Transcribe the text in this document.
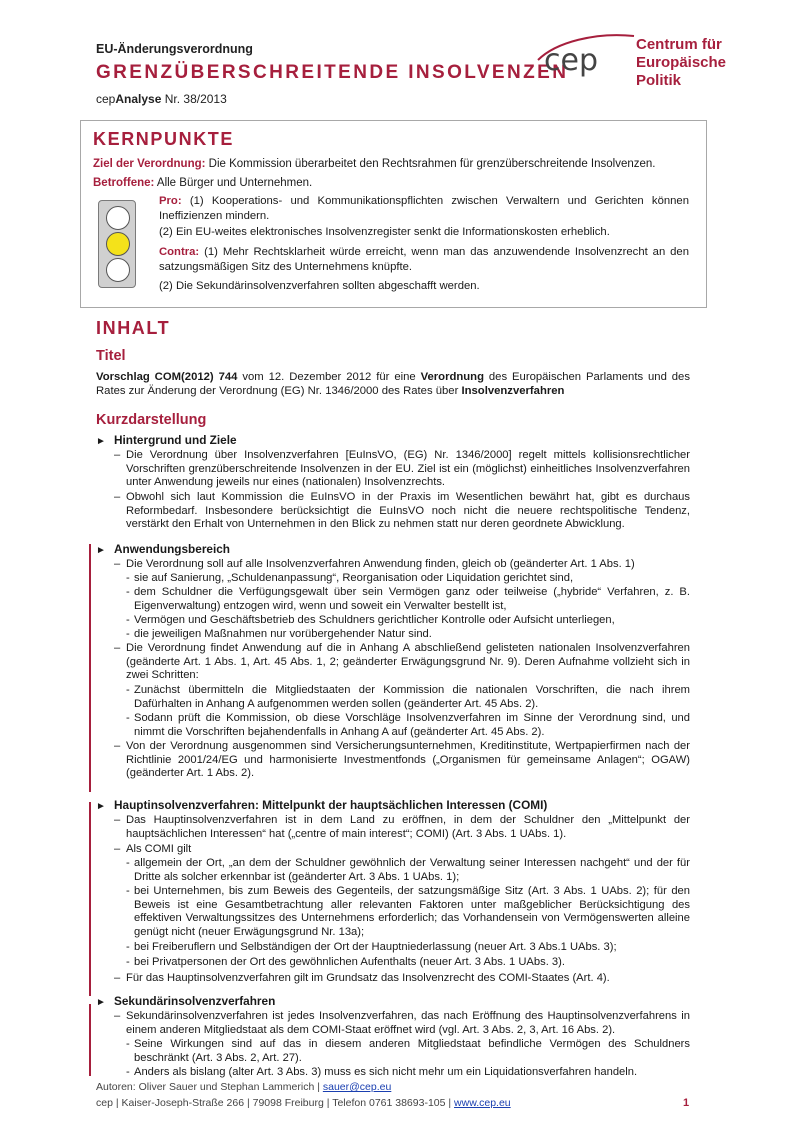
EU-Änderungsverordnung
GRENZÜBERSCHREITENDE INSOLVENZEN
cepAnalyse Nr. 38/2013
cep	Centrum für
Europäische Politik
KERNPUNKTE
Ziel der Verordnung: Die Kommission überarbeitet den Rechtsrahmen für grenzüberschreitende Insolvenzen.
Betroffene: Alle Bürger und Unternehmen.
Pro: (1) Kooperations- und Kommunikationspflichten zwischen Verwaltern und Gerichten können Ineffizienzen mindern.
(2) Ein EU-weites elektronisches Insolvenzregister senkt die Informationskosten erheblich.
Contra: (1) Mehr Rechtsklarheit würde erreicht, wenn man das anzuwendende Insolvenzrecht an den satzungsmäßigen Sitz des Unternehmens knüpfte.
(2) Die Sekundärinsolvenzverfahren sollten abgeschafft werden.
INHALT
Titel
Vorschlag COM(2012) 744 vom 12. Dezember 2012 für eine Verordnung des Europäischen Parlaments und des Rates zur Änderung der Verordnung (EG) Nr. 1346/2000 des Rates über Insolvenzverfahren
Kurzdarstellung
► Hintergrund und Ziele
– Die Verordnung über Insolvenzverfahren [EuInsVO, (EG) Nr. 1346/2000] regelt mittels kollisionsrechtlicher Vorschriften grenzüberschreitende Insolvenzen in der EU. Ziel ist ein (möglichst) einheitliches Insolvenzverfahren unter Anwendung jeweils nur eines (nationalen) Insolvenzrechts.
– Obwohl sich laut Kommission die EuInsVO in der Praxis im Wesentlichen bewährt hat, gibt es durchaus Reformbedarf. Insbesondere berücksichtigt die EuInsVO noch nicht die neuere rechtspolitische Tendenz, verstärkt den Erhalt von Unternehmen in den Blick zu nehmen statt nur deren geordnete Abwicklung.
► Anwendungsbereich
– Die Verordnung soll auf alle Insolvenzverfahren Anwendung finden, gleich ob (geänderter Art. 1 Abs. 1)
- sie auf Sanierung, „Schuldenanpassung“, Reorganisation oder Liquidation gerichtet sind,
- dem Schuldner die Verfügungsgewalt über sein Vermögen ganz oder teilweise („hybride“ Verfahren, z. B. Eigenverwaltung) entzogen wird, wenn und soweit ein Verwalter bestellt ist,
- Vermögen und Geschäftsbetrieb des Schuldners gerichtlicher Kontrolle oder Aufsicht unterliegen,
- die jeweiligen Maßnahmen nur vorübergehender Natur sind.
– Die Verordnung findet Anwendung auf die in Anhang A abschließend gelisteten nationalen Insolvenzverfahren (geänderte Art. 1 Abs. 1, Art. 45 Abs. 1, 2; geänderter Erwägungsgrund Nr. 9). Deren Aufnahme vollzieht sich in zwei Schritten:
- Zunächst übermitteln die Mitgliedstaaten der Kommission die nationalen Vorschriften, die nach ihrem Dafürhalten in Anhang A aufgenommen werden sollen (geänderter Art. 45 Abs. 2).
- Sodann prüft die Kommission, ob diese Vorschläge Insolvenzverfahren im Sinne der Verordnung sind, und nimmt die Vorschriften bejahendenfalls in Anhang A auf (geänderter Art. 45 Abs. 2).
– Von der Verordnung ausgenommen sind Versicherungsunternehmen, Kreditinstitute, Wertpapierfirmen nach der Richtlinie 2001/24/EG und harmonisierte Investmentfonds („Organismen für gemeinsame Anlagen“; OGAW) (geänderter Art. 1 Abs. 2).
► Hauptinsolvenzverfahren: Mittelpunkt der hauptsächlichen Interessen (COMI)
– Das Hauptinsolvenzverfahren ist in dem Land zu eröffnen, in dem der Schuldner den „Mittelpunkt der hauptsächlichen Interessen“ hat („centre of main interest“; COMI) (Art. 3 Abs. 1 UAbs. 1).
– Als COMI gilt
- allgemein der Ort, „an dem der Schuldner gewöhnlich der Verwaltung seiner Interessen nachgeht“ und der für Dritte als solcher erkennbar ist (geänderter Art. 3 Abs. 1 UAbs. 1);
- bei Unternehmen, bis zum Beweis des Gegenteils, der satzungsmäßige Sitz (Art. 3 Abs. 1 UAbs. 2); für den Beweis ist eine Gesamtbetrachtung aller relevanten Faktoren unter maßgeblicher Berücksichtigung des effektiven Verwaltungssitzes des Unternehmens erforderlich; das Vorhandensein von Vermögenswerten alleine genügt nicht (neuer Erwägungsgrund Nr. 13a);
- bei Freiberuflern und Selbständigen der Ort der Hauptniederlassung (neuer Art. 3 Abs.1 UAbs. 3);
- bei Privatpersonen der Ort des gewöhnlichen Aufenthalts (neuer Art. 3 Abs. 1 UAbs. 3).
– Für das Hauptinsolvenzverfahren gilt im Grundsatz das Insolvenzrecht des COMI-Staates (Art. 4).
► Sekundärinsolvenzverfahren
– Sekundärinsolvenzverfahren ist jedes Insolvenzverfahren, das nach Eröffnung des Hauptinsolvenzverfahrens in einem anderen Mitgliedstaat als dem COMI-Staat eröffnet wird (vgl. Art. 3 Abs. 2, 3, Art. 16 Abs. 2).
- Seine Wirkungen sind auf das in diesem anderen Mitgliedstaat befindliche Vermögen des Schuldners beschränkt (Art. 3 Abs. 2, Art. 27).
- Anders als bislang (alter Art. 3 Abs. 3) muss es sich nicht mehr um ein Liquidationsverfahren handeln.
Autoren: Oliver Sauer und Stephan Lammerich | sauer@cep.eu
cep | Kaiser-Joseph-Straße 266 | 79098 Freiburg | Telefon 0761 38693-105 | www.cep.eu	1
